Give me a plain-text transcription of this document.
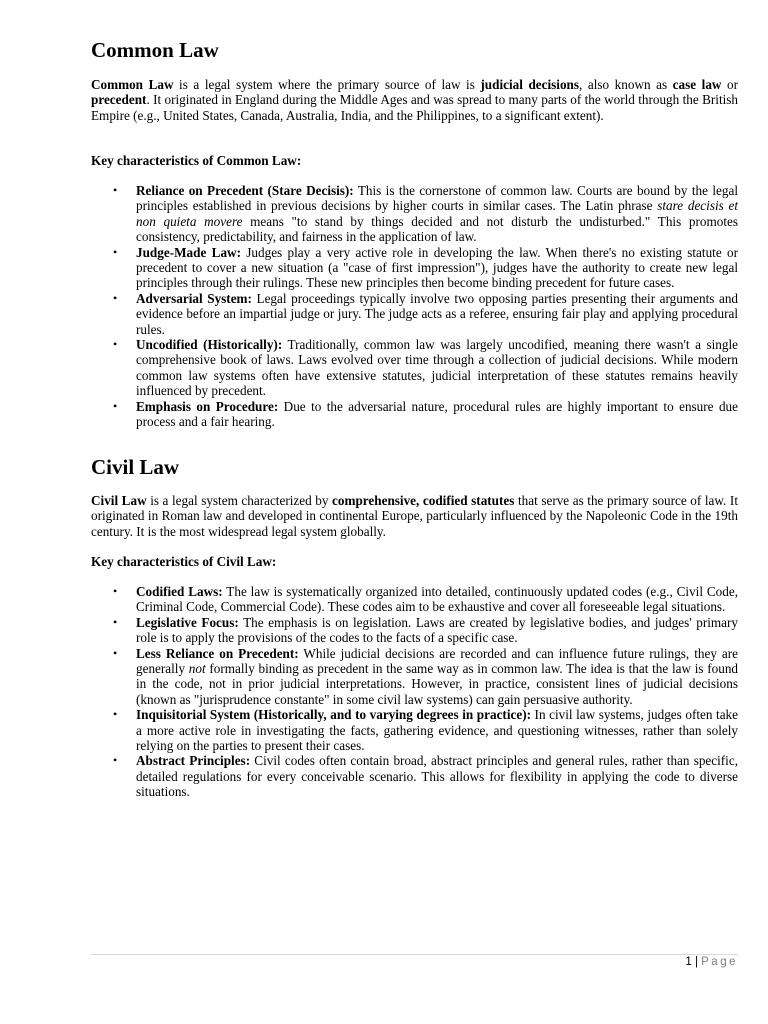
Common Law

Common Law is a legal system where the primary source of law is judicial decisions, also known as case law or precedent. It originated in England during the Middle Ages and was spread to many parts of the world through the British Empire (e.g., United States, Canada, Australia, India, and the Philippines, to a significant extent).

Key characteristics of Common Law:
• Reliance on Precedent (Stare Decisis): This is the cornerstone of common law. Courts are bound by the legal principles established in previous decisions by higher courts in similar cases. The Latin phrase stare decisis et non quieta movere means "to stand by things decided and not disturb the undisturbed." This promotes consistency, predictability, and fairness in the application of law.
• Judge-Made Law: Judges play a very active role in developing the law. When there's no existing statute or precedent to cover a new situation (a "case of first impression"), judges have the authority to create new legal principles through their rulings. These new principles then become binding precedent for future cases.
• Adversarial System: Legal proceedings typically involve two opposing parties presenting their arguments and evidence before an impartial judge or jury. The judge acts as a referee, ensuring fair play and applying procedural rules.
• Uncodified (Historically): Traditionally, common law was largely uncodified, meaning there wasn't a single comprehensive book of laws. Laws evolved over time through a collection of judicial decisions. While modern common law systems often have extensive statutes, judicial interpretation of these statutes remains heavily influenced by precedent.
• Emphasis on Procedure: Due to the adversarial nature, procedural rules are highly important to ensure due process and a fair hearing.
Civil Law

Civil Law is a legal system characterized by comprehensive, codified statutes that serve as the primary source of law. It originated in Roman law and developed in continental Europe, particularly influenced by the Napoleonic Code in the 19th century. It is the most widespread legal system globally.

Key characteristics of Civil Law:
• Codified Laws: The law is systematically organized into detailed, continuously updated codes (e.g., Civil Code, Criminal Code, Commercial Code). These codes aim to be exhaustive and cover all foreseeable legal situations.
• Legislative Focus: The emphasis is on legislation. Laws are created by legislative bodies, and judges' primary role is to apply the provisions of the codes to the facts of a specific case.
• Less Reliance on Precedent: While judicial decisions are recorded and can influence future rulings, they are generally not formally binding as precedent in the same way as in common law. The idea is that the law is found in the code, not in prior judicial interpretations. However, in practice, consistent lines of judicial decisions (known as "jurisprudence constante" in some civil law systems) can gain persuasive authority.
• Inquisitorial System (Historically, and to varying degrees in practice): In civil law systems, judges often take a more active role in investigating the facts, gathering evidence, and questioning witnesses, rather than solely relying on the parties to present their cases.
• Abstract Principles: Civil codes often contain broad, abstract principles and general rules, rather than specific, detailed regulations for every conceivable scenario. This allows for flexibility in applying the code to diverse situations.
1 | Page
